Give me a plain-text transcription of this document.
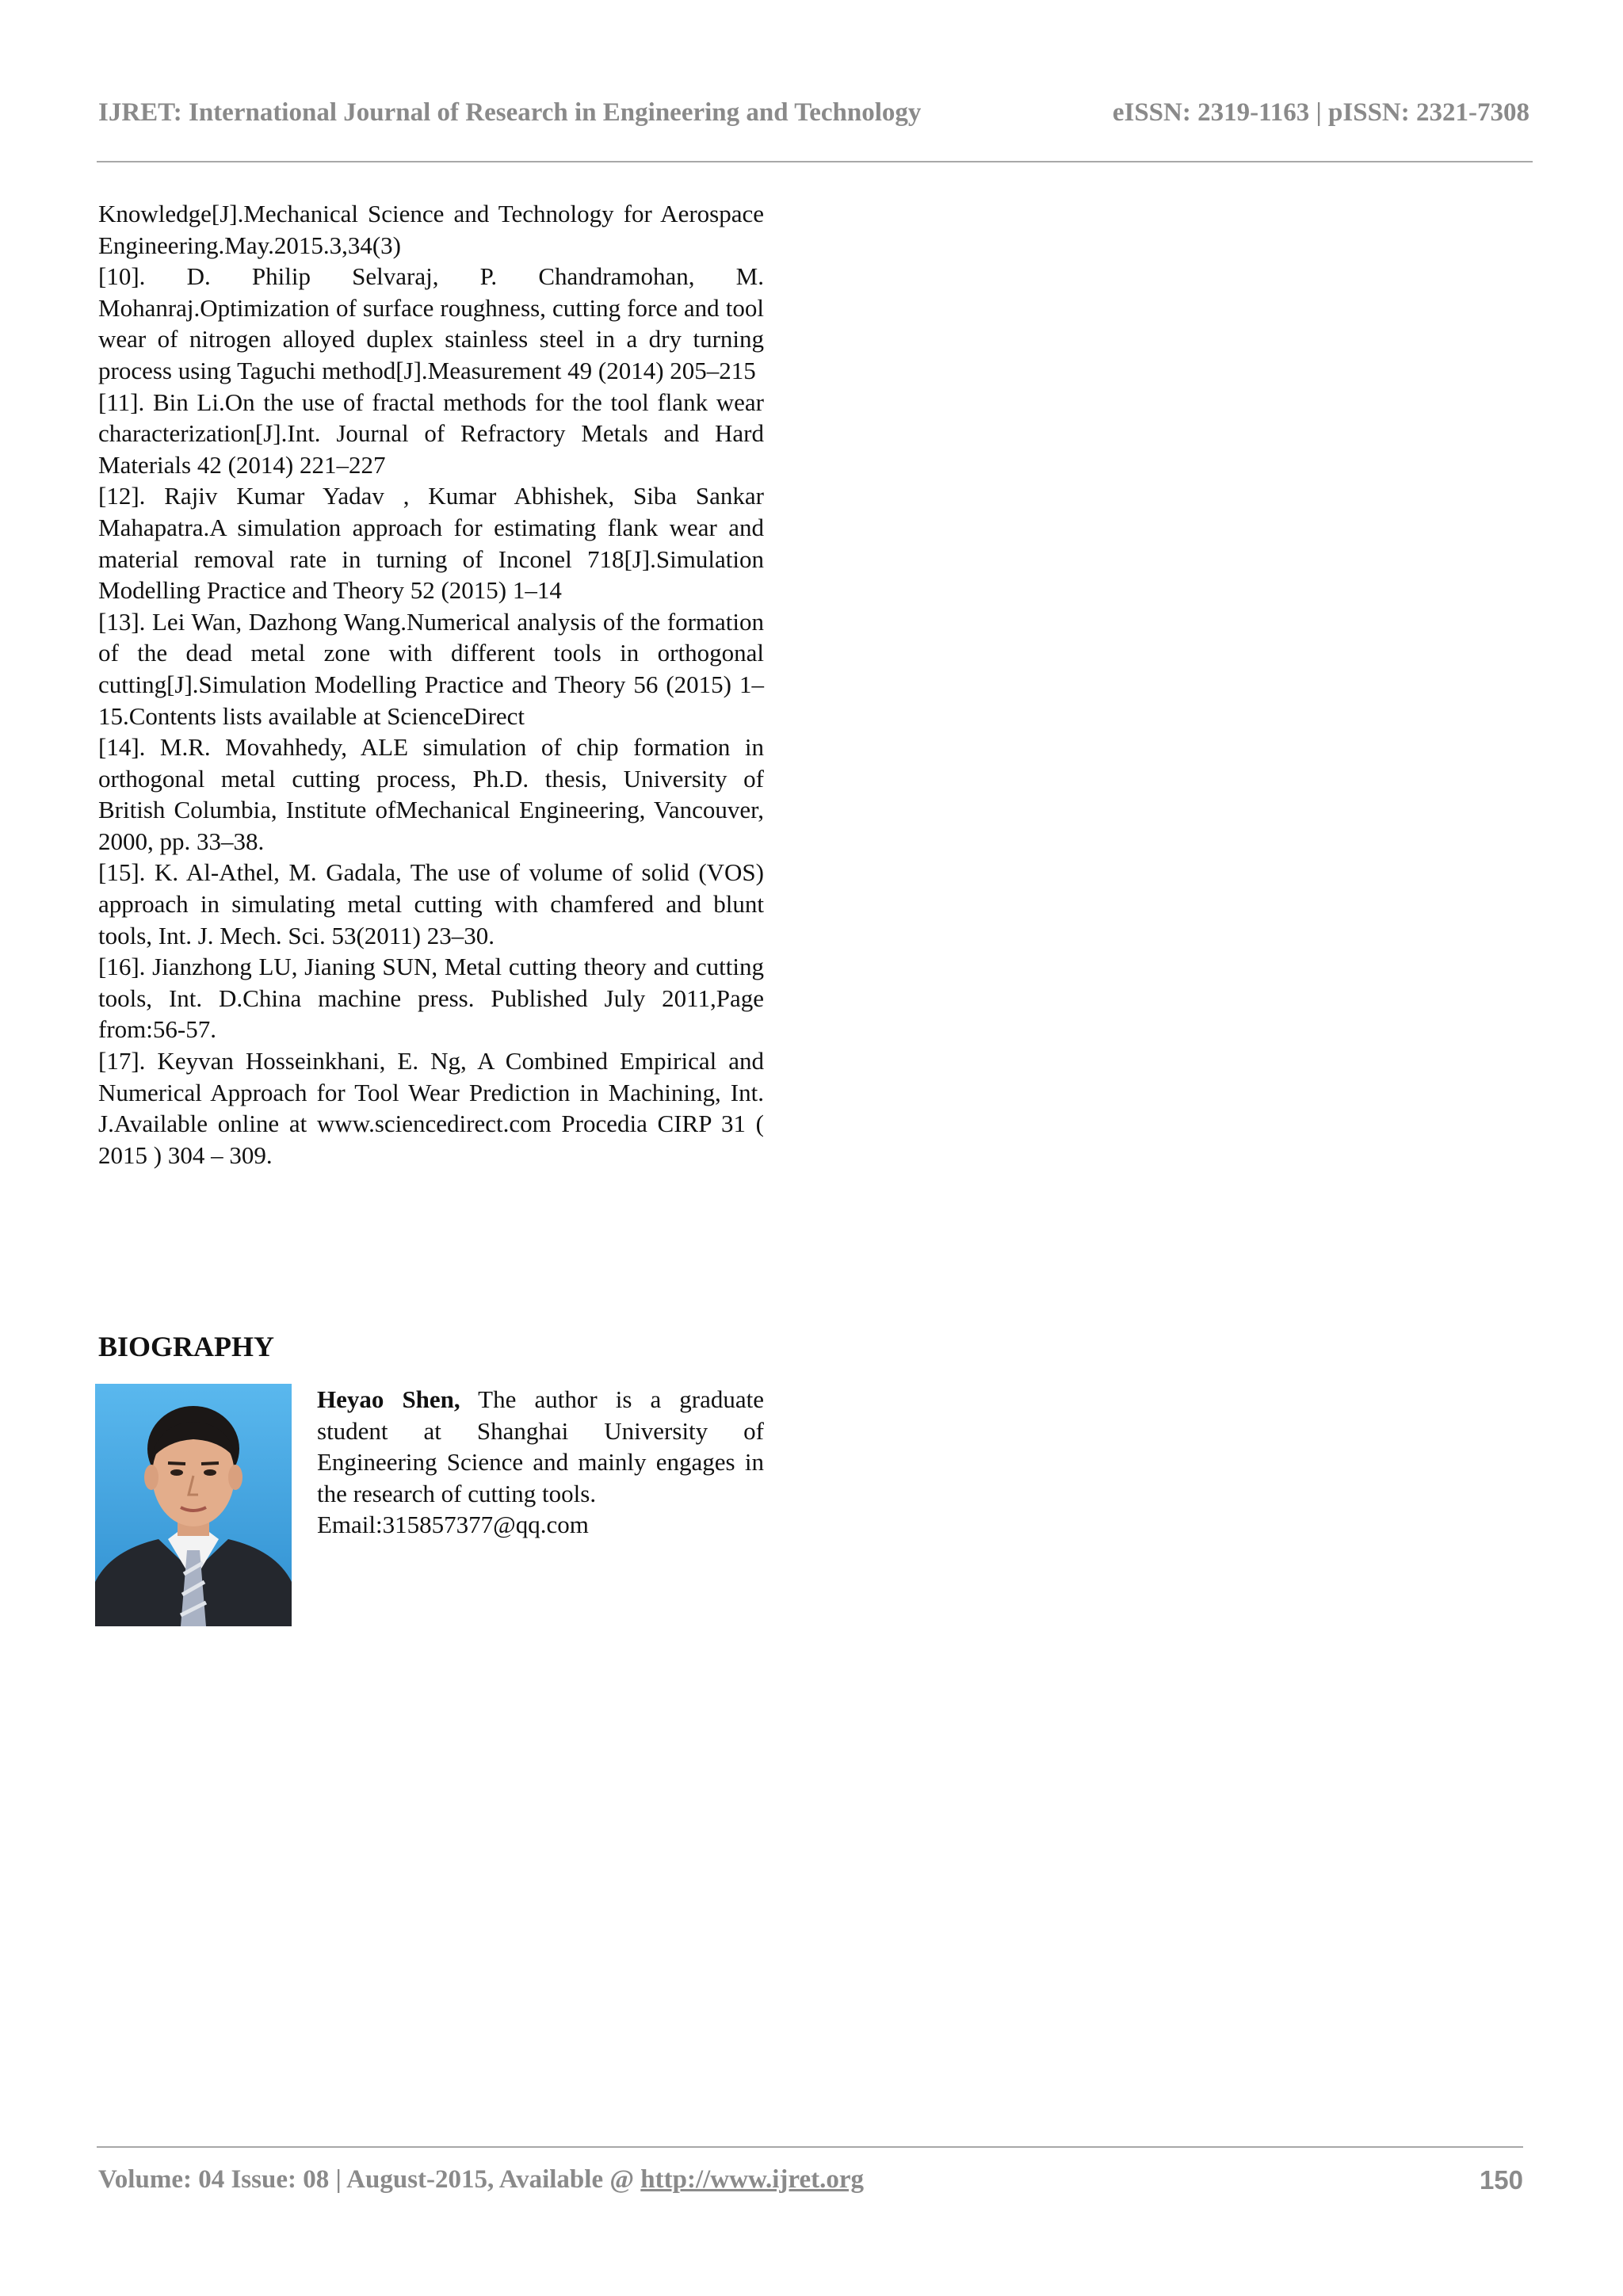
IJRET: International Journal of Research in Engineering and Technology	eISSN: 2319-1163 | pISSN: 2321-7308

Knowledge[J].Mechanical Science and Technology for Aerospace Engineering.May.2015.3,34(3)

[10]. D. Philip Selvaraj, P. Chandramohan, M. Mohanraj.Optimization of surface roughness, cutting force and tool wear of nitrogen alloyed duplex stainless steel in a dry turning process using Taguchi method[J].Measurement 49 (2014) 205–215

[11]. Bin Li.On the use of fractal methods for the tool flank wear characterization[J].Int. Journal of Refractory Metals and Hard Materials 42 (2014) 221–227

[12]. Rajiv Kumar Yadav , Kumar Abhishek, Siba Sankar Mahapatra.A simulation approach for estimating flank wear and material removal rate in turning of Inconel 718[J].Simulation Modelling Practice and Theory 52 (2015) 1–14

[13]. Lei Wan, Dazhong Wang.Numerical analysis of the formation of the dead metal zone with different tools in orthogonal cutting[J].Simulation Modelling Practice and Theory 56 (2015) 1–15.Contents lists available at ScienceDirect

[14]. M.R. Movahhedy, ALE simulation of chip formation in orthogonal metal cutting process, Ph.D. thesis, University of British Columbia, Institute ofMechanical Engineering, Vancouver, 2000, pp. 33–38.

[15]. K. Al-Athel, M. Gadala, The use of volume of solid (VOS) approach in simulating metal cutting with chamfered and blunt tools, Int. J. Mech. Sci. 53(2011) 23–30.

[16]. Jianzhong LU, Jianing SUN, Metal cutting theory and cutting tools, Int. D.China machine press. Published July 2011,Page from:56-57.

[17]. Keyvan Hosseinkhani, E. Ng, A Combined Empirical and Numerical Approach for Tool Wear Prediction in Machining, Int. J.Available online at www.sciencedirect.com Procedia CIRP 31 ( 2015 ) 304 – 309.

BIOGRAPHY
Heyao Shen, The author is a graduate student at Shanghai University of Engineering Science and mainly engages in the research of cutting tools.
Email:315857377@qq.com
Volume: 04 Issue: 08 | August-2015, Available @ http://www.ijret.org	150
